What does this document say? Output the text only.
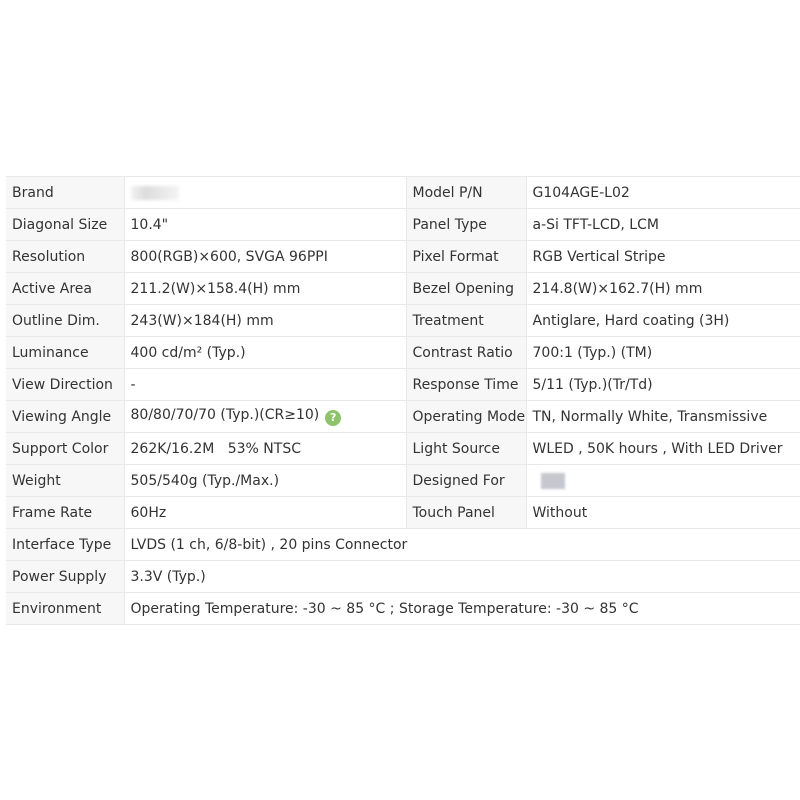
Brand		Model P/N	G104AGE-L02
Diagonal Size	10.4"	Panel Type	a-Si TFT-LCD, LCM
Resolution	800(RGB)×600, SVGA 96PPI	Pixel Format	RGB Vertical Stripe
Active Area	211.2(W)×158.4(H) mm	Bezel Opening	214.8(W)×162.7(H) mm
Outline Dim.	243(W)×184(H) mm	Treatment	Antiglare, Hard coating (3H)
Luminance	400 cd/m² (Typ.)	Contrast Ratio	700:1 (Typ.) (TM)
View Direction	-	Response Time	5/11 (Typ.)(Tr/Td)
Viewing Angle	80/80/70/70 (Typ.)(CR≥10) ?	Operating Mode	TN, Normally White, Transmissive
Support Color	262K/16.2M   53% NTSC	Light Source	WLED , 50K hours , With LED Driver
Weight	505/540g (Typ./Max.)	Designed For	
Frame Rate	60Hz	Touch Panel	Without
Interface Type	LVDS (1 ch, 6/8-bit) , 20 pins Connector		
Power Supply	3.3V (Typ.)		
Environment	Operating Temperature: -30 ~ 85 °C ; Storage Temperature: -30 ~ 85 °C		
